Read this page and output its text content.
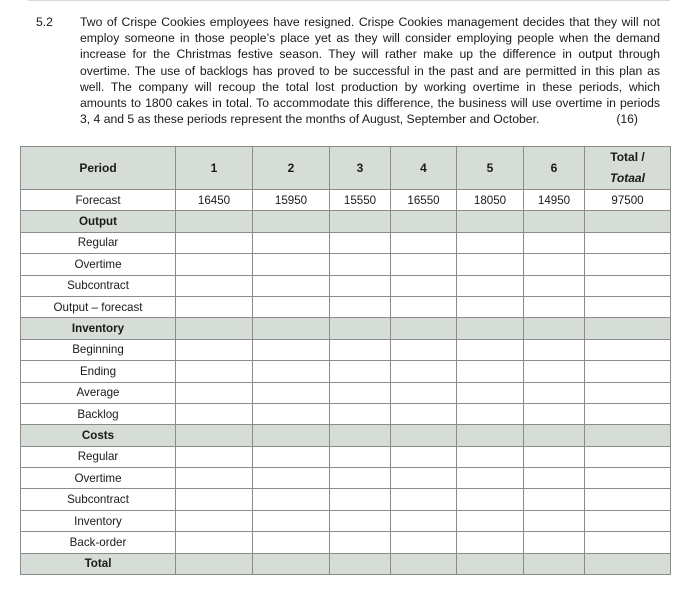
5.2 Two of Crispe Cookies employees have resigned. Crispe Cookies management decides that they will not employ someone in those people’s place yet as they will consider employing people when the demand increase for the Christmas festive season. They will rather make up the difference in output through overtime. The use of backlogs has proved to be successful in the past and are permitted in this plan as well. The company will recoup the total lost production by working overtime in these periods, which amounts to 1800 cakes in total. To accommodate this difference, the business will use overtime in periods 3, 4 and 5 as these periods represent the months of August, September and October.	(16)
Period	1	2	3	4	5	6	Total /
Totaal
Forecast	16450	15950	15550	16550	18050	14950	97500
Output							
Regular							
Overtime							
Subcontract							
Output – forecast							
Inventory							
Beginning							
Ending							
Average							
Backlog							
Costs							
Regular							
Overtime							
Subcontract							
Inventory							
Back-order							
Total							
